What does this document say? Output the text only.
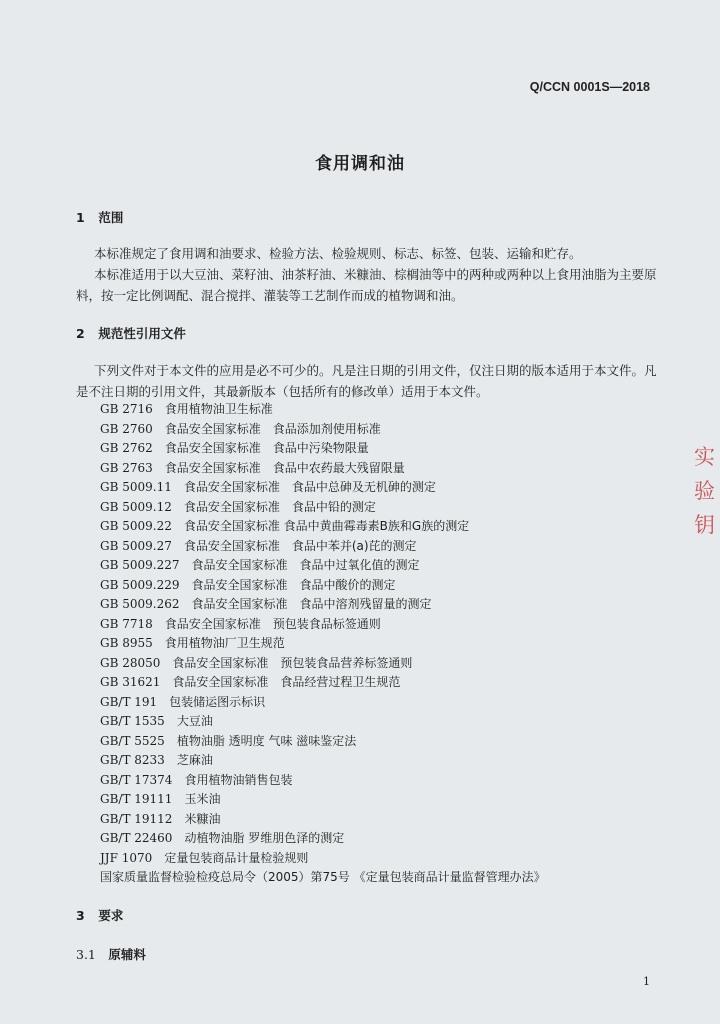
Q/CCN 0001S—2018
食用调和油
1 范围
本标准规定了食用调和油要求、检验方法、检验规则、标志、标签、包装、运输和贮存。
本标准适用于以大豆油、菜籽油、油茶籽油、米糠油、棕榈油等中的两种或两种以上食用油脂为主要原料，按一定比例调配、混合搅拌、灌装等工艺制作而成的植物调和油。
2 规范性引用文件
下列文件对于本文件的应用是必不可少的。凡是注日期的引用文件，仅注日期的版本适用于本文件。凡是不注日期的引用文件，其最新版本（包括所有的修改单）适用于本文件。
GB 2716 食用植物油卫生标准
GB 2760 食品安全国家标准　食品添加剂使用标准
GB 2762 食品安全国家标准　食品中污染物限量
GB 2763 食品安全国家标准　食品中农药最大残留限量
GB 5009.11 食品安全国家标准　食品中总砷及无机砷的测定
GB 5009.12 食品安全国家标准　食品中铅的测定
GB 5009.22 食品安全国家标准 食品中黄曲霉毒素B族和G族的测定
GB 5009.27 食品安全国家标准　食品中苯并(a)芘的测定
GB 5009.227 食品安全国家标准　食品中过氧化值的测定
GB 5009.229 食品安全国家标准　食品中酸价的测定
GB 5009.262 食品安全国家标准　食品中溶剂残留量的测定
GB 7718 食品安全国家标准　预包装食品标签通则
GB 8955 食用植物油厂卫生规范
GB 28050 食品安全国家标准　预包装食品营养标签通则
GB 31621 食品安全国家标准　食品经营过程卫生规范
GB/T 191 包装储运图示标识
GB/T 1535 大豆油
GB/T 5525 植物油脂 透明度 气味 滋味鉴定法
GB/T 8233 芝麻油
GB/T 17374 食用植物油销售包装
GB/T 19111 玉米油
GB/T 19112 米糠油
GB/T 22460 动植物油脂 罗维朋色泽的测定
JJF 1070 定量包装商品计量检验规则
国家质量监督检验检疫总局令（2005）第75号 《定量包装商品计量监督管理办法》
3 要求
3.1 原辅料
1
实 验 钥
